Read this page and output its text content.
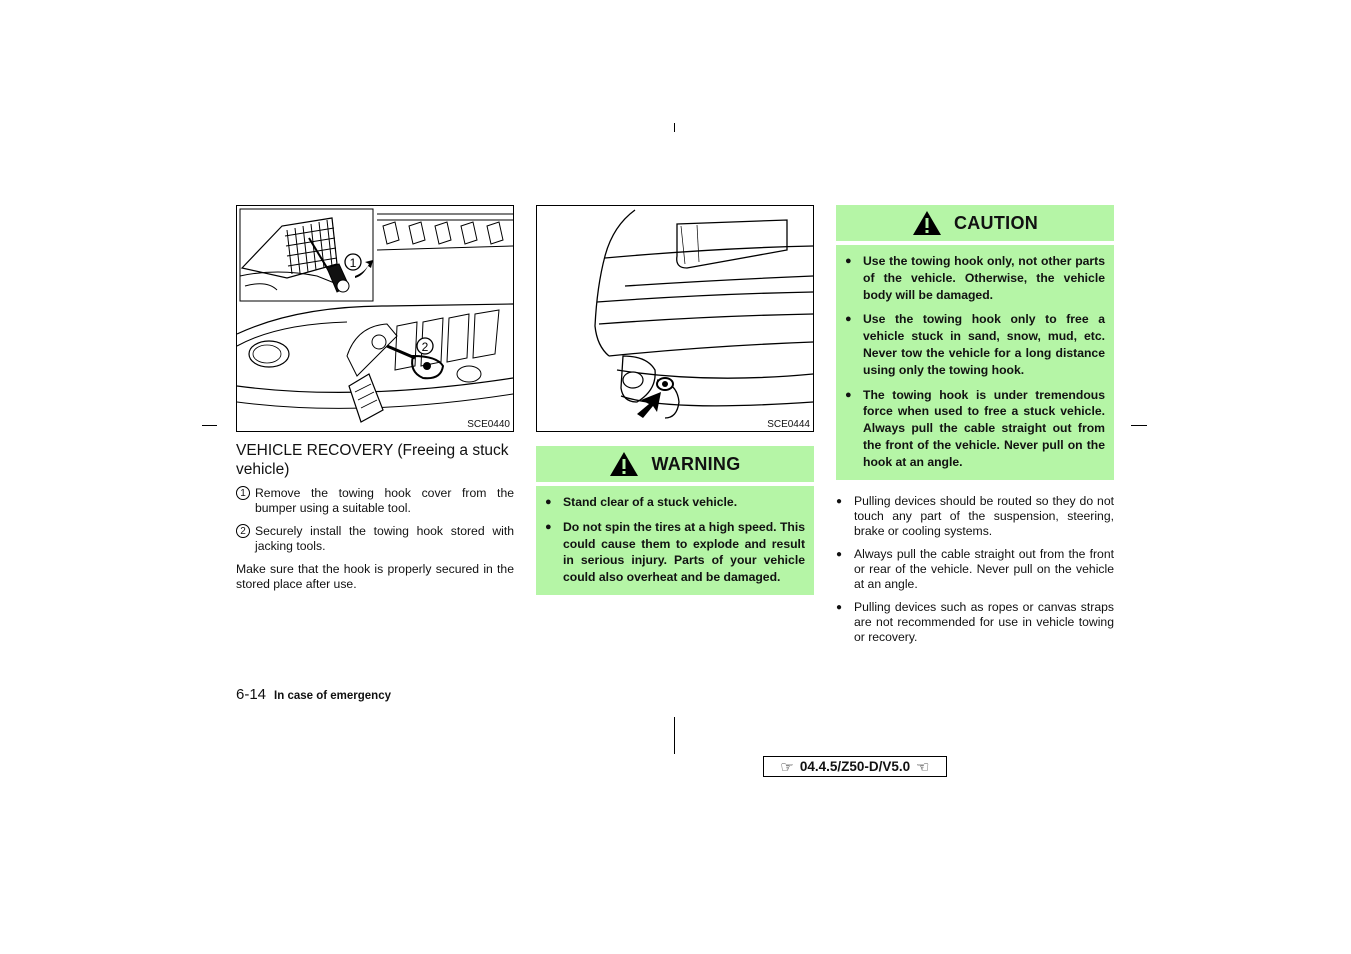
1
2
SCE0440	SCE0444
VEHICLE RECOVERY (Freeing a stuck vehicle)
1 Remove the towing hook cover from the bumper using a suitable tool.
2 Securely install the towing hook stored with jacking tools.
Make sure that the hook is properly secured in the stored place after use.
WARNING
● Stand clear of a stuck vehicle.
● Do not spin the tires at a high speed. This could cause them to explode and result in serious injury. Parts of your vehicle could also overheat and be damaged.
CAUTION
● Use the towing hook only, not other parts of the vehicle. Otherwise, the vehicle body will be damaged.
● Use the towing hook only to free a vehicle stuck in sand, snow, mud, etc. Never tow the vehicle for a long distance using only the towing hook.
● The towing hook is under tremendous force when used to free a stuck vehicle. Always pull the cable straight out from the front of the vehicle. Never pull on the hook at an angle.
● Pulling devices should be routed so they do not touch any part of the suspension, steering, brake or cooling systems.
● Always pull the cable straight out from the front or rear of the vehicle. Never pull on the vehicle at an angle.
● Pulling devices such as ropes or canvas straps are not recommended for use in vehicle towing or recovery.
6-14 In case of emergency
☞ 04.4.5/Z50-D/V5.0 ☜
